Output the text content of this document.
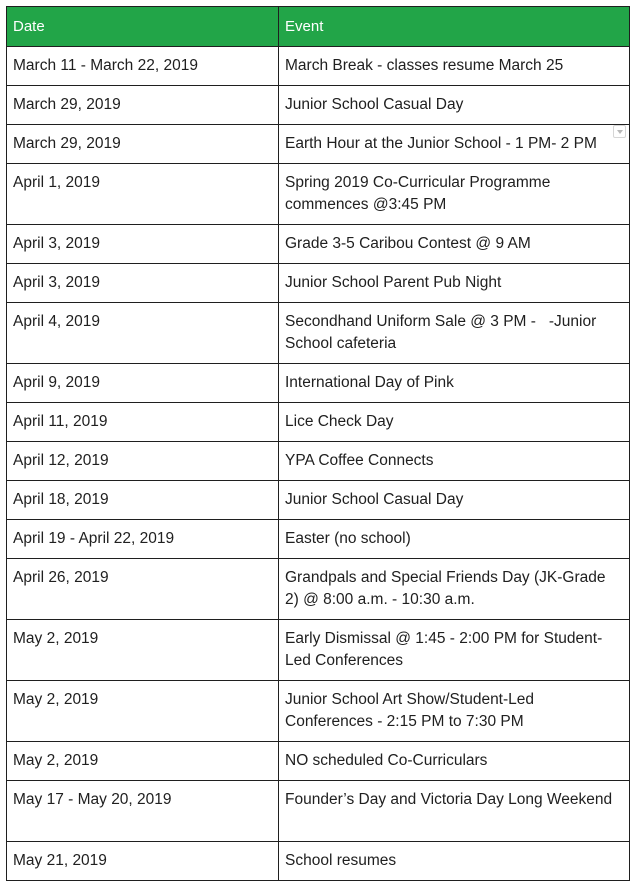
Date	Event
March 11 - March 22, 2019	March Break - classes resume March 25
March 29, 2019	Junior School Casual Day
March 29, 2019	Earth Hour at the Junior School - 1 PM- 2 PM
April 1, 2019	Spring 2019 Co-Curricular Programme commences @3:45 PM
April 3, 2019	Grade 3-5 Caribou Contest @ 9 AM
April 3, 2019	Junior School Parent Pub Night
April 4, 2019	Secondhand Uniform Sale @ 3 PM -   -Junior School cafeteria
April 9, 2019	International Day of Pink
April 11, 2019	Lice Check Day
April 12, 2019	YPA Coffee Connects
April 18, 2019	Junior School Casual Day
April 19 - April 22, 2019	Easter (no school)
April 26, 2019	Grandpals and Special Friends Day (JK-Grade 2) @ 8:00 a.m. - 10:30 a.m.
May 2, 2019	Early Dismissal @ 1:45 - 2:00 PM for Student-Led Conferences
May 2, 2019	Junior School Art Show/Student-Led Conferences - 2:15 PM to 7:30 PM
May 2, 2019	NO scheduled Co-Curriculars
May 17 - May 20, 2019	Founder’s Day and Victoria Day Long Weekend
May 21, 2019	School resumes
